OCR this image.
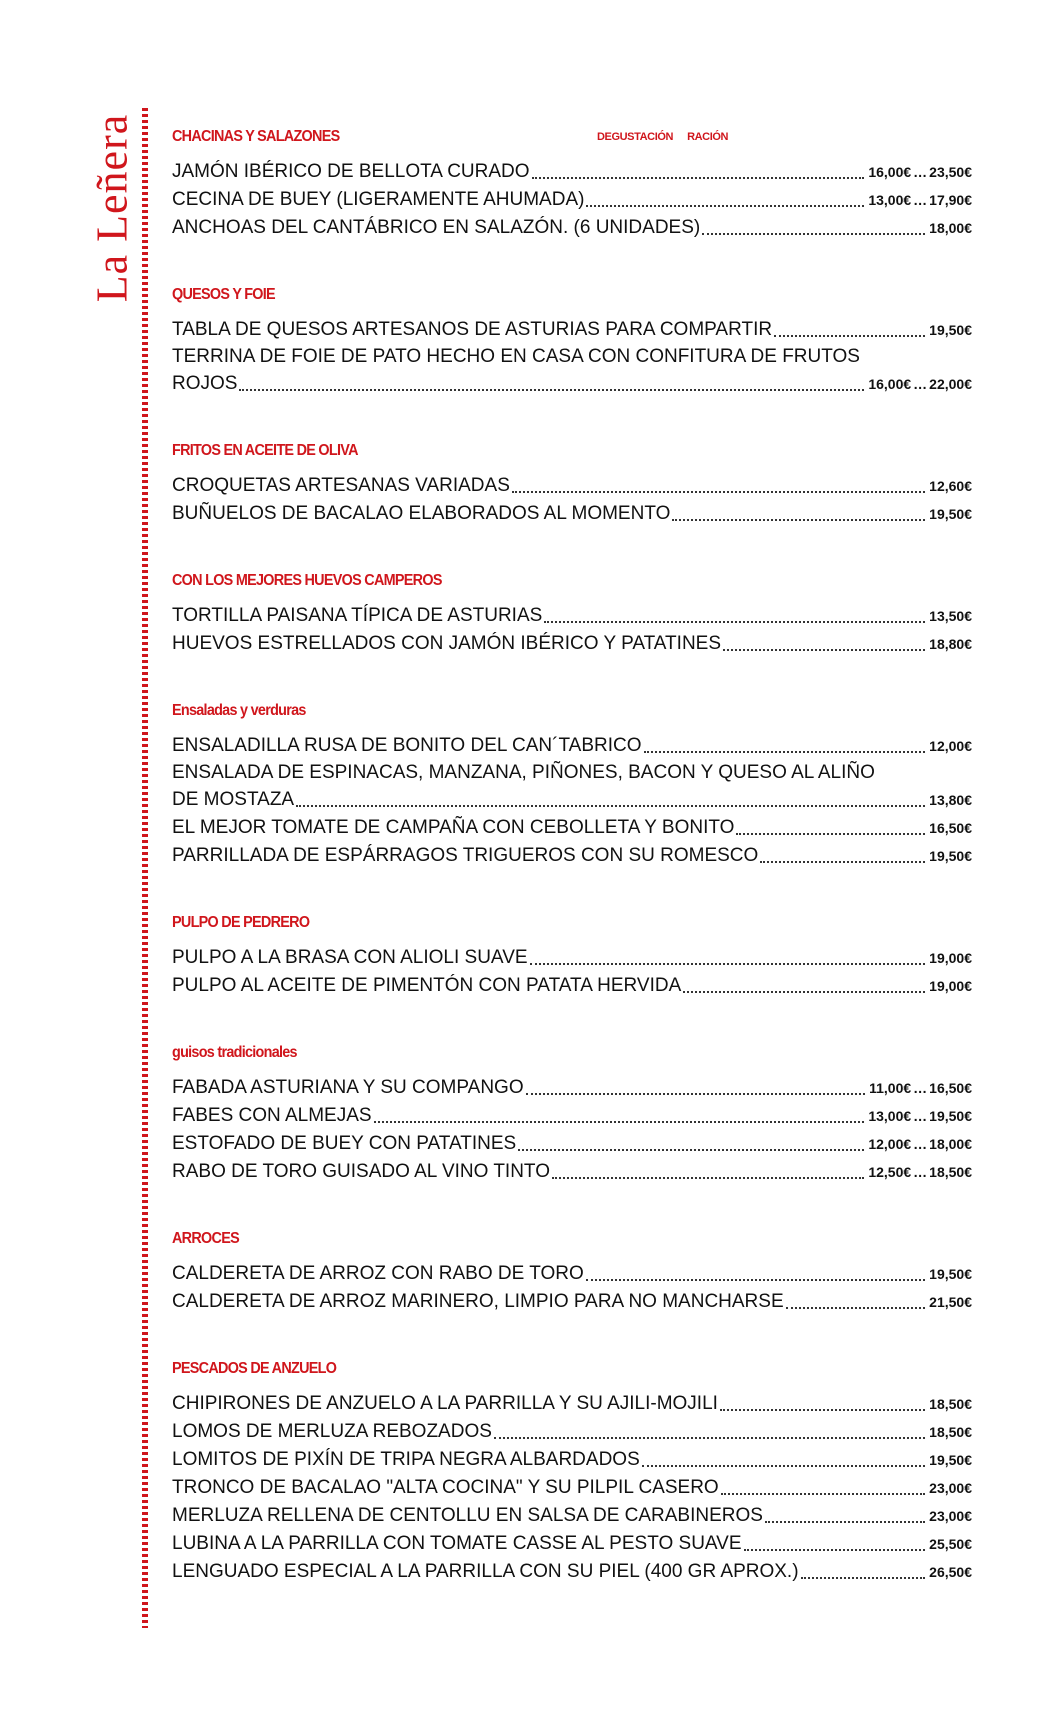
La Leñera CHACINAS Y SALAZONES	DEGUSTACIÓN RACIÓN
JAMÓN IBÉRICO DE BELLOTA CURADO	16,00€ … 23,50€
CECINA DE BUEY (LIGERAMENTE AHUMADA)	13,00€ … 17,90€
ANCHOAS DEL CANTÁBRICO EN SALAZÓN. (6 UNIDADES)	18,00€
QUESOS Y FOIE
TABLA DE QUESOS ARTESANOS DE ASTURIAS PARA COMPARTIR	19,50€
TERRINA DE FOIE DE PATO HECHO EN CASA CON CONFITURA DE FRUTOS
ROJOS	16,00€ … 22,00€
FRITOS EN ACEITE DE OLIVA
CROQUETAS ARTESANAS VARIADAS	12,60€
BUÑUELOS DE BACALAO ELABORADOS AL MOMENTO	19,50€
CON LOS MEJORES HUEVOS CAMPEROS
TORTILLA PAISANA TÍPICA DE ASTURIAS	13,50€
HUEVOS ESTRELLADOS CON JAMÓN IBÉRICO Y PATATINES	18,80€
Ensaladas y verduras
ENSALADILLA RUSA DE BONITO DEL CAN´TABRICO	12,00€
ENSALADA DE ESPINACAS, MANZANA, PIÑONES, BACON Y QUESO AL ALIÑO
DE MOSTAZA	13,80€
EL MEJOR TOMATE DE CAMPAÑA CON CEBOLLETA Y BONITO	16,50€
PARRILLADA DE ESPÁRRAGOS TRIGUEROS CON SU ROMESCO	19,50€
PULPO DE PEDRERO
PULPO A LA BRASA CON ALIOLI SUAVE	19,00€
PULPO AL ACEITE DE PIMENTÓN CON PATATA HERVIDA	19,00€
guisos tradicionales
FABADA ASTURIANA Y SU COMPANGO	11,00€ … 16,50€
FABES CON ALMEJAS	13,00€ … 19,50€
ESTOFADO DE BUEY CON PATATINES	12,00€ … 18,00€
RABO DE TORO GUISADO AL VINO TINTO	12,50€ … 18,50€
ARROCES
CALDERETA DE ARROZ CON RABO DE TORO	19,50€
CALDERETA DE ARROZ MARINERO, LIMPIO PARA NO MANCHARSE	21,50€
PESCADOS DE ANZUELO
CHIPIRONES DE ANZUELO A LA PARRILLA Y SU AJILI-MOJILI	18,50€
LOMOS DE MERLUZA REBOZADOS	18,50€
LOMITOS DE PIXÍN DE TRIPA NEGRA ALBARDADOS	19,50€
TRONCO DE BACALAO "ALTA COCINA" Y SU PILPIL CASERO	23,00€
MERLUZA RELLENA DE CENTOLLU EN SALSA DE CARABINEROS	23,00€
LUBINA A LA PARRILLA CON TOMATE CASSE AL PESTO SUAVE	25,50€
LENGUADO ESPECIAL A LA PARRILLA CON SU PIEL (400 GR APROX.)	26,50€
